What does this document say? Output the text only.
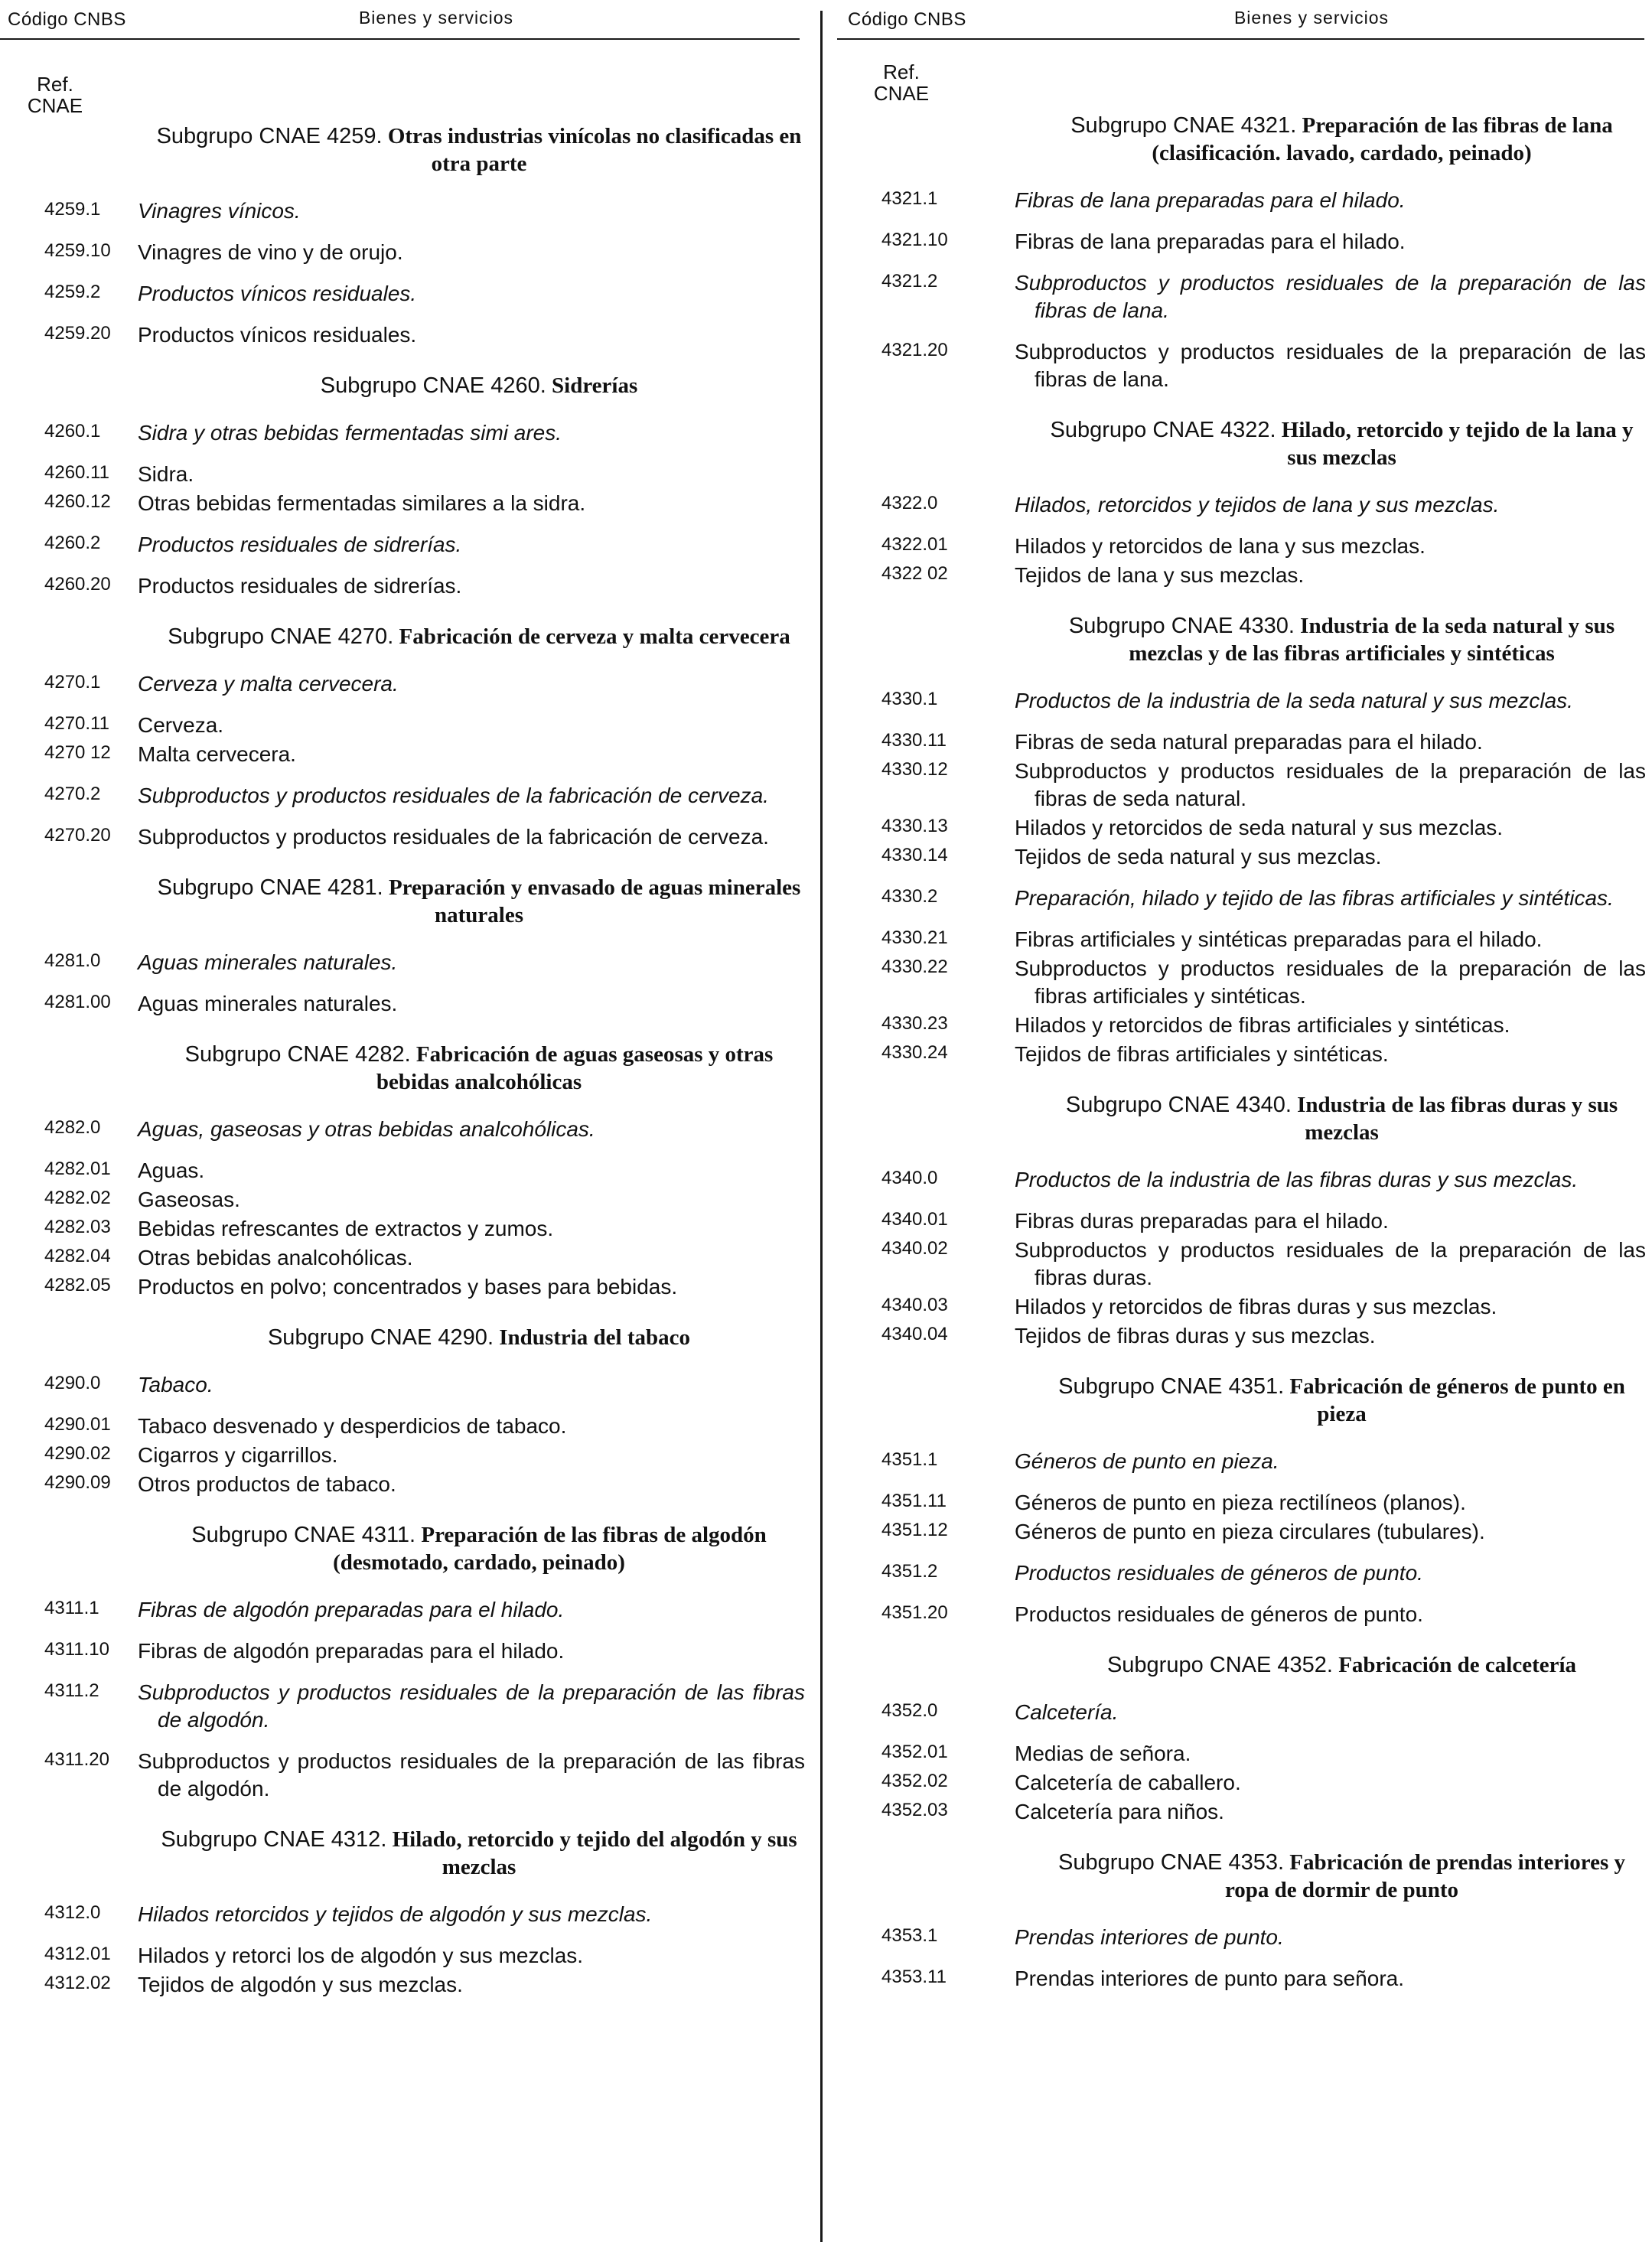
Código CNBS	Bienes y servicios
Ref.
CNAE
Subgrupo CNAE 4259. Otras industrias vinícolas no clasificadas en otra parte
4259.1	Vinagres vínicos.
4259.10	Vinagres de vino y de orujo.
4259.2	Productos vínicos residuales.
4259.20	Productos vínicos residuales.
Subgrupo CNAE 4260. Sidrerías
4260.1	Sidra y otras bebidas fermentadas simi ares.
4260.11	Sidra.
4260.12	Otras bebidas fermentadas similares a la sidra.
4260.2	Productos residuales de sidrerías.
4260.20	Productos residuales de sidrerías.
Subgrupo CNAE 4270. Fabricación de cerveza y malta cervecera
4270.1	Cerveza y malta cervecera.
4270.11	Cerveza.
4270 12	Malta cervecera.
4270.2	Subproductos y productos residuales de la fabricación de cerveza.
4270.20	Subproductos y productos residuales de la fabricación de cerveza.
Subgrupo CNAE 4281. Preparación y envasado de aguas minerales naturales
4281.0	Aguas minerales naturales.
4281.00	Aguas minerales naturales.
Subgrupo CNAE 4282. Fabricación de aguas gaseosas y otras bebidas analcohólicas
4282.0	Aguas, gaseosas y otras bebidas analcohólicas.
4282.01	Aguas.
4282.02	Gaseosas.
4282.03	Bebidas refrescantes de extractos y zumos.
4282.04	Otras bebidas analcohólicas.
4282.05	Productos en polvo; concentrados y bases para bebidas.
Subgrupo CNAE 4290. Industria del tabaco
4290.0	Tabaco.
4290.01	Tabaco desvenado y desperdicios de tabaco.
4290.02	Cigarros y cigarrillos.
4290.09	Otros productos de tabaco.
Subgrupo CNAE 4311. Preparación de las fibras de algodón (desmotado, cardado, peinado)
4311.1	Fibras de algodón preparadas para el hilado.
4311.10	Fibras de algodón preparadas para el hilado.
4311.2	Subproductos y productos residuales de la preparación de las fibras de algodón.
4311.20	Subproductos y productos residuales de la preparación de las fibras de algodón.
Subgrupo CNAE 4312. Hilado, retorcido y tejido del algodón y sus mezclas
4312.0	Hilados retorcidos y tejidos de algodón y sus mezclas.
4312.01	Hilados y retorci los de algodón y sus mezclas.
4312.02	Tejidos de algodón y sus mezclas.
Código CNBS	Bienes y servicios
Ref.
CNAE
Subgrupo CNAE 4321. Preparación de las fibras de lana (clasificación. lavado, cardado, peinado)
4321.1	Fibras de lana preparadas para el hilado.
4321.10	Fibras de lana preparadas para el hilado.
4321.2	Subproductos y productos residuales de la preparación de las fibras de lana.
4321.20	Subproductos y productos residuales de la preparación de las fibras de lana.
Subgrupo CNAE 4322. Hilado, retorcido y tejido de la lana y sus mezclas
4322.0	Hilados, retorcidos y tejidos de lana y sus mezclas.
4322.01	Hilados y retorcidos de lana y sus mezclas.
4322 02	Tejidos de lana y sus mezclas.
Subgrupo CNAE 4330. Industria de la seda natural y sus mezclas y de las fibras artificiales y sintéticas
4330.1	Productos de la industria de la seda natural y sus mezclas.
4330.11	Fibras de seda natural preparadas para el hilado.
4330.12	Subproductos y productos residuales de la preparación de las fibras de seda natural.
4330.13	Hilados y retorcidos de seda natural y sus mezclas.
4330.14	Tejidos de seda natural y sus mezclas.
4330.2	Preparación, hilado y tejido de las fibras artificiales y sintéticas.
4330.21	Fibras artificiales y sintéticas preparadas para el hilado.
4330.22	Subproductos y productos residuales de la preparación de las fibras artificiales y sintéticas.
4330.23	Hilados y retorcidos de fibras artificiales y sintéticas.
4330.24	Tejidos de fibras artificiales y sintéticas.
Subgrupo CNAE 4340. Industria de las fibras duras y sus mezclas
4340.0	Productos de la industria de las fibras duras y sus mezclas.
4340.01	Fibras duras preparadas para el hilado.
4340.02	Subproductos y productos residuales de la preparación de las fibras duras.
4340.03	Hilados y retorcidos de fibras duras y sus mezclas.
4340.04	Tejidos de fibras duras y sus mezclas.
Subgrupo CNAE 4351. Fabricación de géneros de punto en pieza
4351.1	Géneros de punto en pieza.
4351.11	Géneros de punto en pieza rectilíneos (planos).
4351.12	Géneros de punto en pieza circulares (tubulares).
4351.2	Productos residuales de géneros de punto.
4351.20	Productos residuales de géneros de punto.
Subgrupo CNAE 4352. Fabricación de calcetería
4352.0	Calcetería.
4352.01	Medias de señora.
4352.02	Calcetería de caballero.
4352.03	Calcetería para niños.
Subgrupo CNAE 4353. Fabricación de prendas interiores y ropa de dormir de punto
4353.1	Prendas interiores de punto.
4353.11	Prendas interiores de punto para señora.
